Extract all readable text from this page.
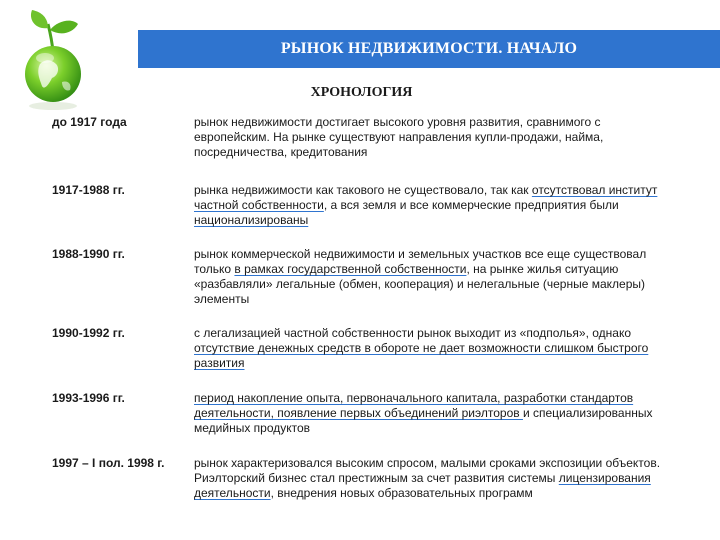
РЫНОК НЕДВИЖИМОСТИ. НАЧАЛО
ХРОНОЛОГИЯ
до 1917 года	рынок недвижимости достигает высокого уровня развития, сравнимого с европейским. На рынке существуют направления купли-продажи, найма, посредничества, кредитования
1917-1988 гг.	рынка недвижимости как такового не существовало, так как отсутствовал институт частной собственности, а вся земля и все коммерческие предприятия были национализированы
1988-1990 гг.	рынок коммерческой недвижимости и земельных участков все еще существовал только в рамках государственной собственности, на рынке жилья ситуацию «разбавляли» легальные (обмен, кооперация) и нелегальные (черные маклеры) элементы
1990-1992 гг.	с легализацией частной собственности рынок выходит из «подполья», однако отсутствие денежных средств в обороте не дает возможности слишком быстрого развития
1993-1996 гг.	период накопление опыта, первоначального капитала, разработки стандартов деятельности, появление первых объединений риэлторов и специализированных медийных продуктов
1997 – I пол. 1998 г.	рынок характеризовался высоким спросом, малыми сроками экспозиции объектов. Риэлторский бизнес стал престижным за счет развития системы лицензирования деятельности, внедрения новых образовательных программ
